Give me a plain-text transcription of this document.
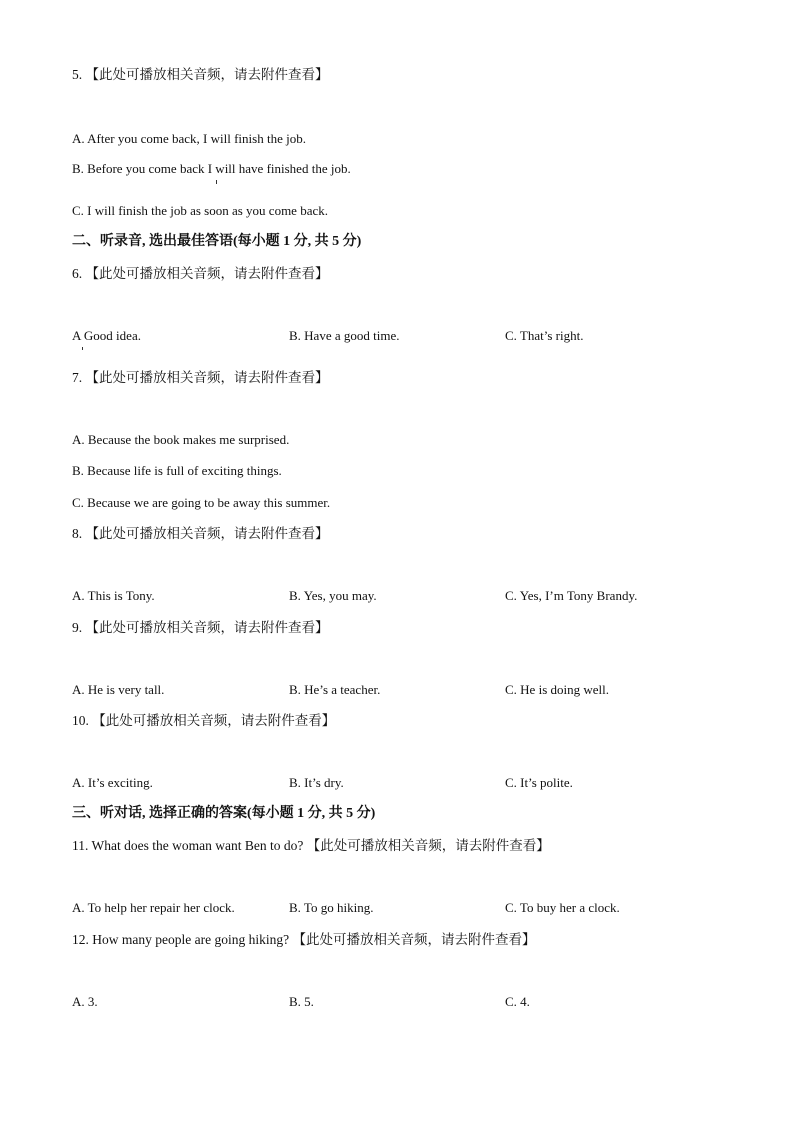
5. 【此处可播放相关音频，请去附件查看】
A. After you come back, I will finish the job.
B. Before you come back I will have finished the job.
C. I will finish the job as soon as you come back.
二、听录音, 选出最佳答语(每小题 1 分, 共 5 分)
6. 【此处可播放相关音频，请去附件查看】
A Good idea.	B. Have a good time.	C. That’s right.
7. 【此处可播放相关音频，请去附件查看】
A. Because the book makes me surprised.
B. Because life is full of exciting things.
C. Because we are going to be away this summer.
8. 【此处可播放相关音频，请去附件查看】
A. This is Tony.	B. Yes, you may.	C. Yes, I’m Tony Brandy.
9. 【此处可播放相关音频，请去附件查看】
A. He is very tall.	B. He’s a teacher.	C. He is doing well.
10. 【此处可播放相关音频，请去附件查看】
A. It’s exciting.	B. It’s dry.	C. It’s polite.
三、听对话, 选择正确的答案(每小题 1 分, 共 5 分)
11. What does the woman want Ben to do? 【此处可播放相关音频，请去附件查看】
A. To help her repair her clock.	B. To go hiking.	C. To buy her a clock.
12. How many people are going hiking? 【此处可播放相关音频，请去附件查看】
A. 3.	B. 5.	C. 4.
